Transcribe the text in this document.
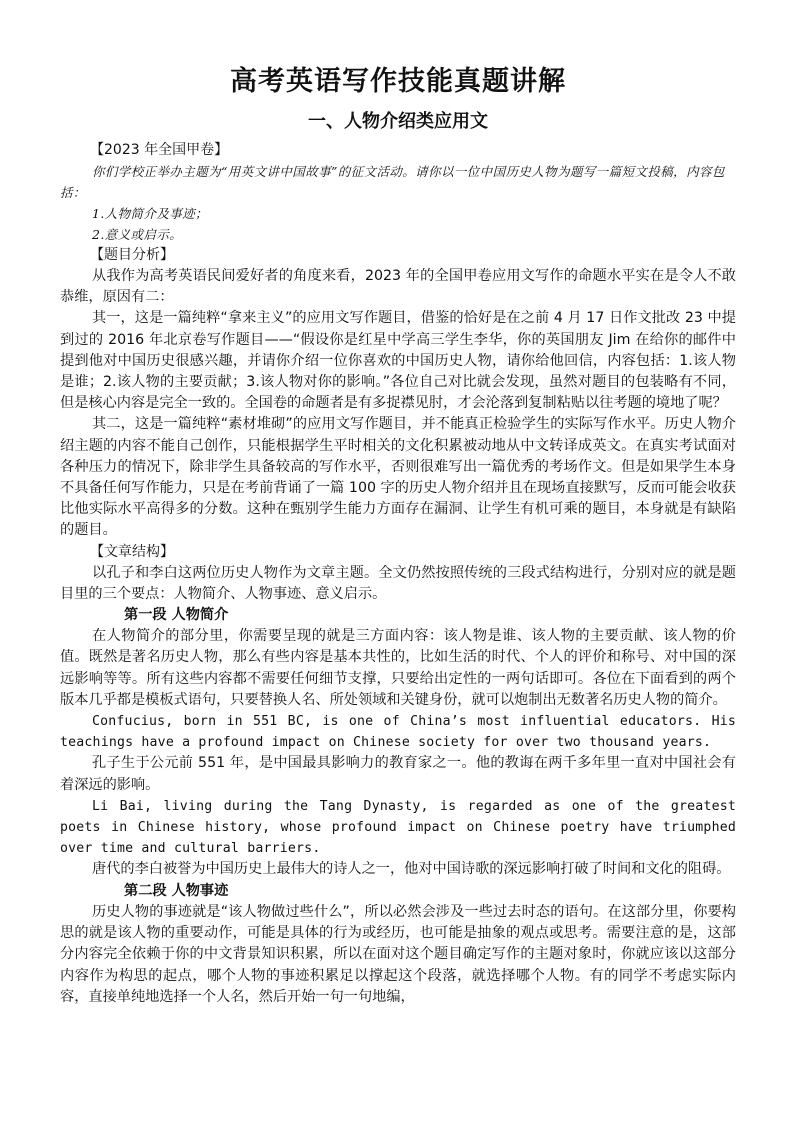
高考英语写作技能真题讲解
一、人物介绍类应用文

【2023 年全国甲卷】

你们学校正举办主题为“用英文讲中国故事”的征文活动。请你以一位中国历史人物为题写一篇短文投稿，内容包括：

1.人物简介及事迹；

2.意义或启示。

【题目分析】

从我作为高考英语民间爱好者的角度来看，2023 年的全国甲卷应用文写作的命题水平实在是令人不敢恭维，原因有二：

其一，这是一篇纯粹“拿来主义”的应用文写作题目，借鉴的恰好是在之前 4 月 17 日作文批改 23 中提到过的 2016 年北京卷写作题目——“假设你是红星中学高三学生李华，你的英国朋友 Jim 在给你的邮件中提到他对中国历史很感兴趣，并请你介绍一位你喜欢的中国历史人物，请你给他回信，内容包括：1.该人物是谁；2.该人物的主要贡献；3.该人物对你的影响。”各位自己对比就会发现，虽然对题目的包装略有不同，但是核心内容是完全一致的。全国卷的命题者是有多捉襟见肘，才会沦落到复制粘贴以往考题的境地了呢？

其二，这是一篇纯粹“素材堆砌”的应用文写作题目，并不能真正检验学生的实际写作水平。历史人物介绍主题的内容不能自己创作，只能根据学生平时相关的文化积累被动地从中文转译成英文。在真实考试面对各种压力的情况下，除非学生具备较高的写作水平，否则很难写出一篇优秀的考场作文。但是如果学生本身不具备任何写作能力，只是在考前背诵了一篇 100 字的历史人物介绍并且在现场直接默写，反而可能会收获比他实际水平高得多的分数。这种在甄别学生能力方面存在漏洞、让学生有机可乘的题目，本身就是有缺陷的题目。

【文章结构】

以孔子和李白这两位历史人物作为文章主题。全文仍然按照传统的三段式结构进行，分别对应的就是题目里的三个要点：人物简介、人物事迹、意义启示。

第一段 人物简介

在人物简介的部分里，你需要呈现的就是三方面内容：该人物是谁、该人物的主要贡献、该人物的价值。既然是著名历史人物，那么有些内容是基本共性的，比如生活的时代、个人的评价和称号、对中国的深远影响等等。所有这些内容都不需要任何细节支撑，只要给出定性的一两句话即可。各位在下面看到的两个版本几乎都是模板式语句，只要替换人名、所处领域和关键身份，就可以炮制出无数著名历史人物的简介。

Confucius, born in 551 BC, is one of China’s most influential educators. His teachings have a profound impact on Chinese society for over two thousand years.

孔子生于公元前 551 年，是中国最具影响力的教育家之一。他的教诲在两千多年里一直对中国社会有着深远的影响。

Li Bai, living during the Tang Dynasty, is regarded as one of the greatest poets in Chinese history, whose profound impact on Chinese poetry have triumphed over time and cultural barriers.

唐代的李白被誉为中国历史上最伟大的诗人之一，他对中国诗歌的深远影响打破了时间和文化的阻碍。

第二段 人物事迹

历史人物的事迹就是“该人物做过些什么”，所以必然会涉及一些过去时态的语句。在这部分里，你要构思的就是该人物的重要动作，可能是具体的行为或经历，也可能是抽象的观点或思考。需要注意的是，这部分内容完全依赖于你的中文背景知识积累，所以在面对这个题目确定写作的主题对象时，你就应该以这部分内容作为构思的起点，哪个人物的事迹积累足以撑起这个段落，就选择哪个人物。有的同学不考虑实际内容，直接单纯地选择一个人名，然后开始一句一句地编，
